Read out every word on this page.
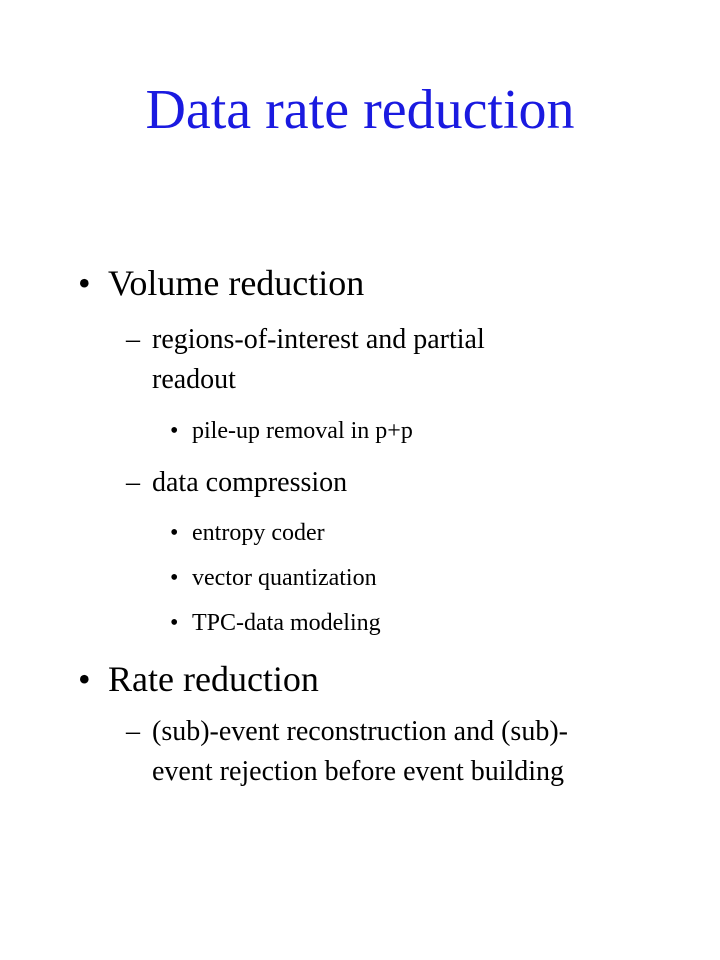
Data rate reduction
• Volume reduction
– regions-of-interest and partial
readout
• pile-up removal in p+p
– data compression
• entropy coder
• vector quantization
• TPC-data modeling
• Rate reduction
– (sub)-event reconstruction and (sub)-
event rejection before event building
